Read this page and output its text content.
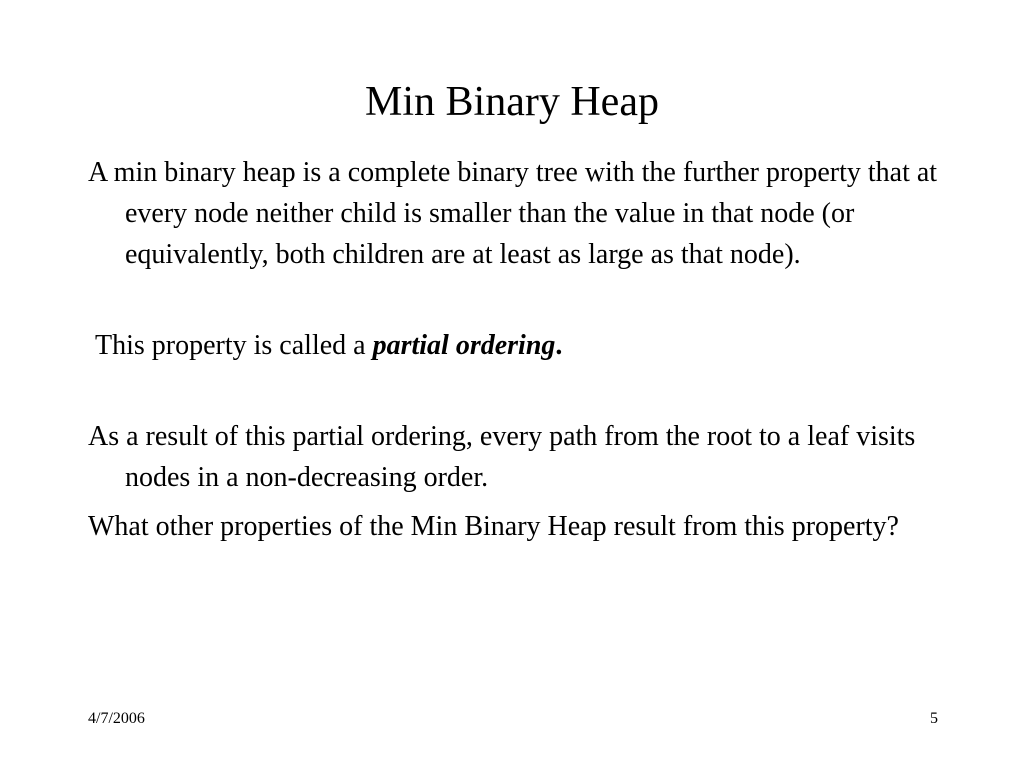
Min Binary Heap

A min binary heap is a complete binary tree with the further property that at every node neither child is smaller than the value in that node (or equivalently, both children are at least as large as that node).

This property is called a partial ordering.

As a result of this partial ordering, every path from the root to a leaf visits nodes in a non-decreasing order.

What other properties of the Min Binary Heap result from this property?

4/7/2006	5
